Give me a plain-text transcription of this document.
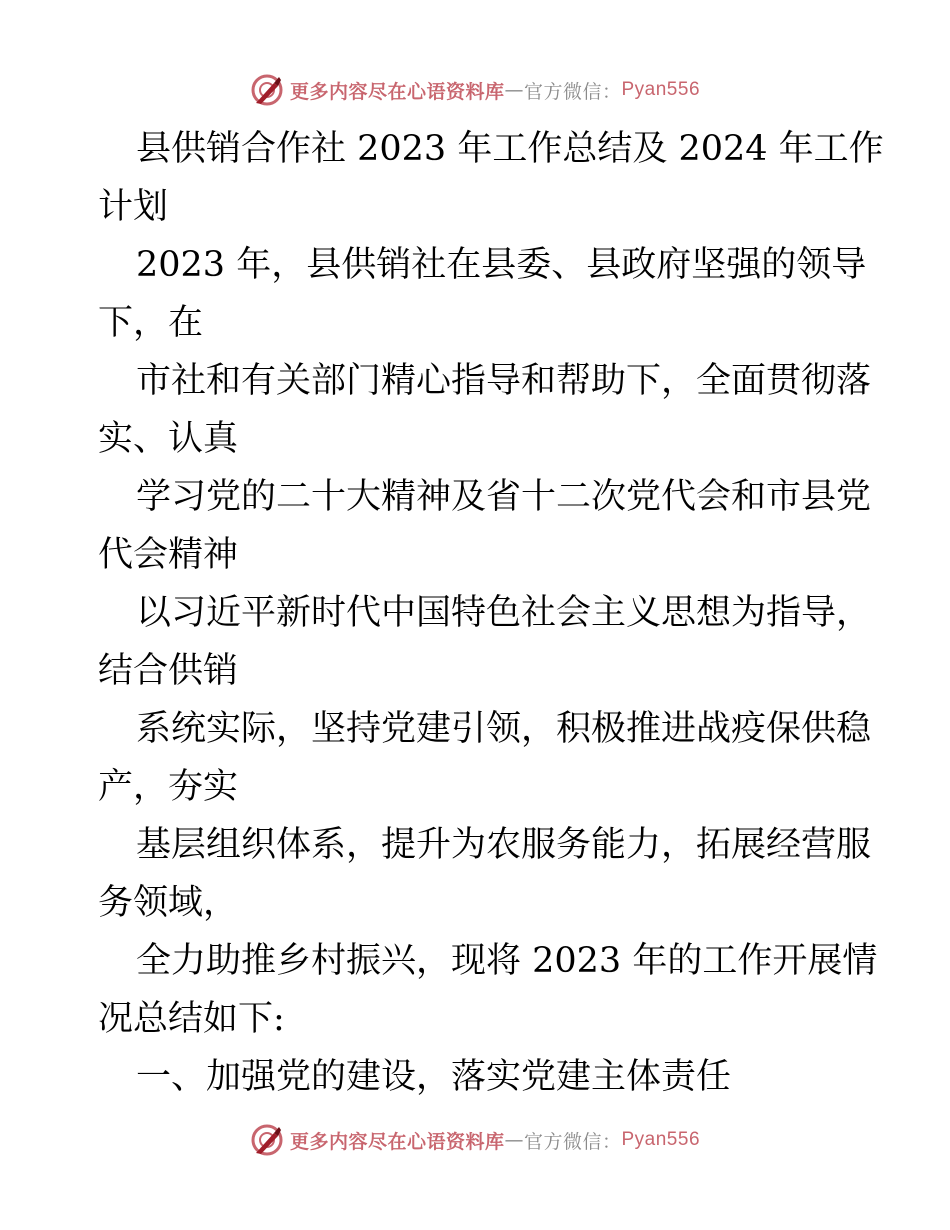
更多内容尽在心语资料库 — 官方微信： Pyan556
县供销合作社 2023 年工作总结及 2024 年工作
计划
2023 年，县供销社在县委、县政府坚强的领导
下，在
市社和有关部门精心指导和帮助下，全面贯彻落
实、认真
学习党的二十大精神及省十二次党代会和市县党
代会精神
以习近平新时代中国特色社会主义思想为指导，
结合供销
系统实际，坚持党建引领，积极推进战疫保供稳
产，夯实
基层组织体系，提升为农服务能力，拓展经营服
务领域，
全力助推乡村振兴，现将 2023 年的工作开展情
况总结如下:
一、加强党的建设，落实党建主体责任
更多内容尽在心语资料库 — 官方微信： Pyan556
